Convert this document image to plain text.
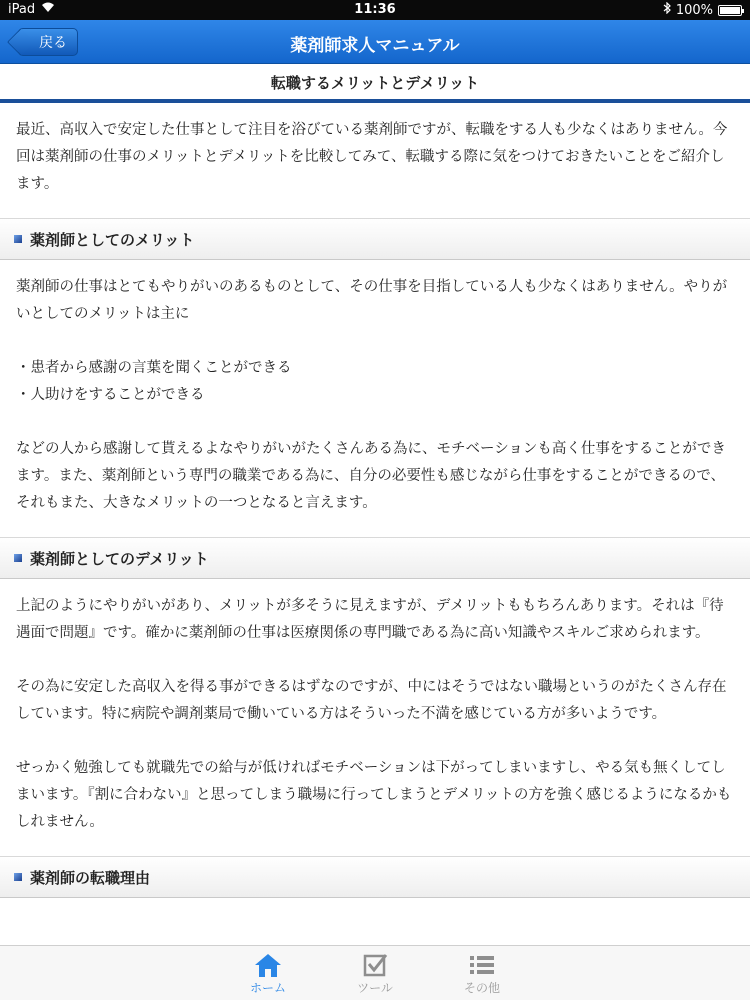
iPad	11:36	100%
薬剤師求人マニュアル
戻る
転職するメリットとデメリット

最近、高収入で安定した仕事として注目を浴びている薬剤師ですが、転職をする人も少なくはありません。今回は薬剤師の仕事のメリットとデメリットを比較してみて、転職する際に気をつけておきたいことをご紹介します。

薬剤師としてのメリット

薬剤師の仕事はとてもやりがいのあるものとして、その仕事を目指している人も少なくはありません。やりがいとしてのメリットは主に

・患者から感謝の言葉を聞くことができる

・人助けをすることができる

などの人から感謝して貰えるよなやりがいがたくさんある為に、モチベーションも高く仕事をすることができます。また、薬剤師という専門の職業である為に、自分の必要性も感じながら仕事をすることができるので、それもまた、大きなメリットの一つとなると言えます。

薬剤師としてのデメリット

上記のようにやりがいがあり、メリットが多そうに見えますが、デメリットももちろんあります。それは『待遇面で問題』です。確かに薬剤師の仕事は医療関係の専門職である為に高い知識やスキルご求められます。

その為に安定した高収入を得る事ができるはずなのですが、中にはそうではない職場というのがたくさん存在しています。特に病院や調剤薬局で働いている方はそういった不満を感じている方が多いようです。

せっかく勉強しても就職先での給与が低ければモチベーションは下がってしまいますし、やる気も無くしてしまいます。『割に合わない』と思ってしまう職場に行ってしまうとデメリットの方を強く感じるようになるかもしれません。

薬剤師の転職理由
ホーム	ツール	その他
